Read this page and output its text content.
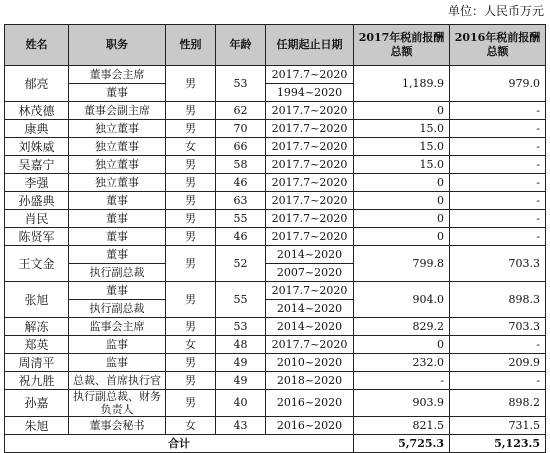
单位：人民币万元
姓名	职务	性别	年龄	任期起止日期	2017年税前报酬总额	2016年税前报酬总额
郁亮	董事会主席	男	53	2017.7~2020	1,189.9	979.0
	董事			1994~2020		
林茂德	董事会副主席	男	62	2017.7~2020	0	-
康典	独立董事	男	70	2017.7~2020	15.0	-
刘姝威	独立董事	女	66	2017.7~2020	15.0	-
吴嘉宁	独立董事	男	58	2017.7~2020	15.0	-
李强	独立董事	男	46	2017.7~2020	0	-
孙盛典	董事	男	63	2017.7~2020	0	-
肖民	董事	男	55	2017.7~2020	0	-
陈贤军	董事	男	46	2017.7~2020	0	-
王文金	董事	男	52	2014~2020	799.8	703.3
	执行副总裁			2007~2020		
张旭	董事	男	55	2017.7~2020	904.0	898.3
	执行副总裁			2014~2020		
解冻	监事会主席	男	53	2014~2020	829.2	703.3
郑英	监事	女	48	2017.7~2020	0	-
周清平	监事	男	49	2010~2020	232.0	209.9
祝九胜	总裁、首席执行官	男	49	2018~2020	-	-
孙嘉	执行副总裁、财务负责人	男	40	2016~2020	903.9	898.2
朱旭	董事会秘书	女	43	2016~2020	821.5	731.5
合计					5,725.3	5,123.5
